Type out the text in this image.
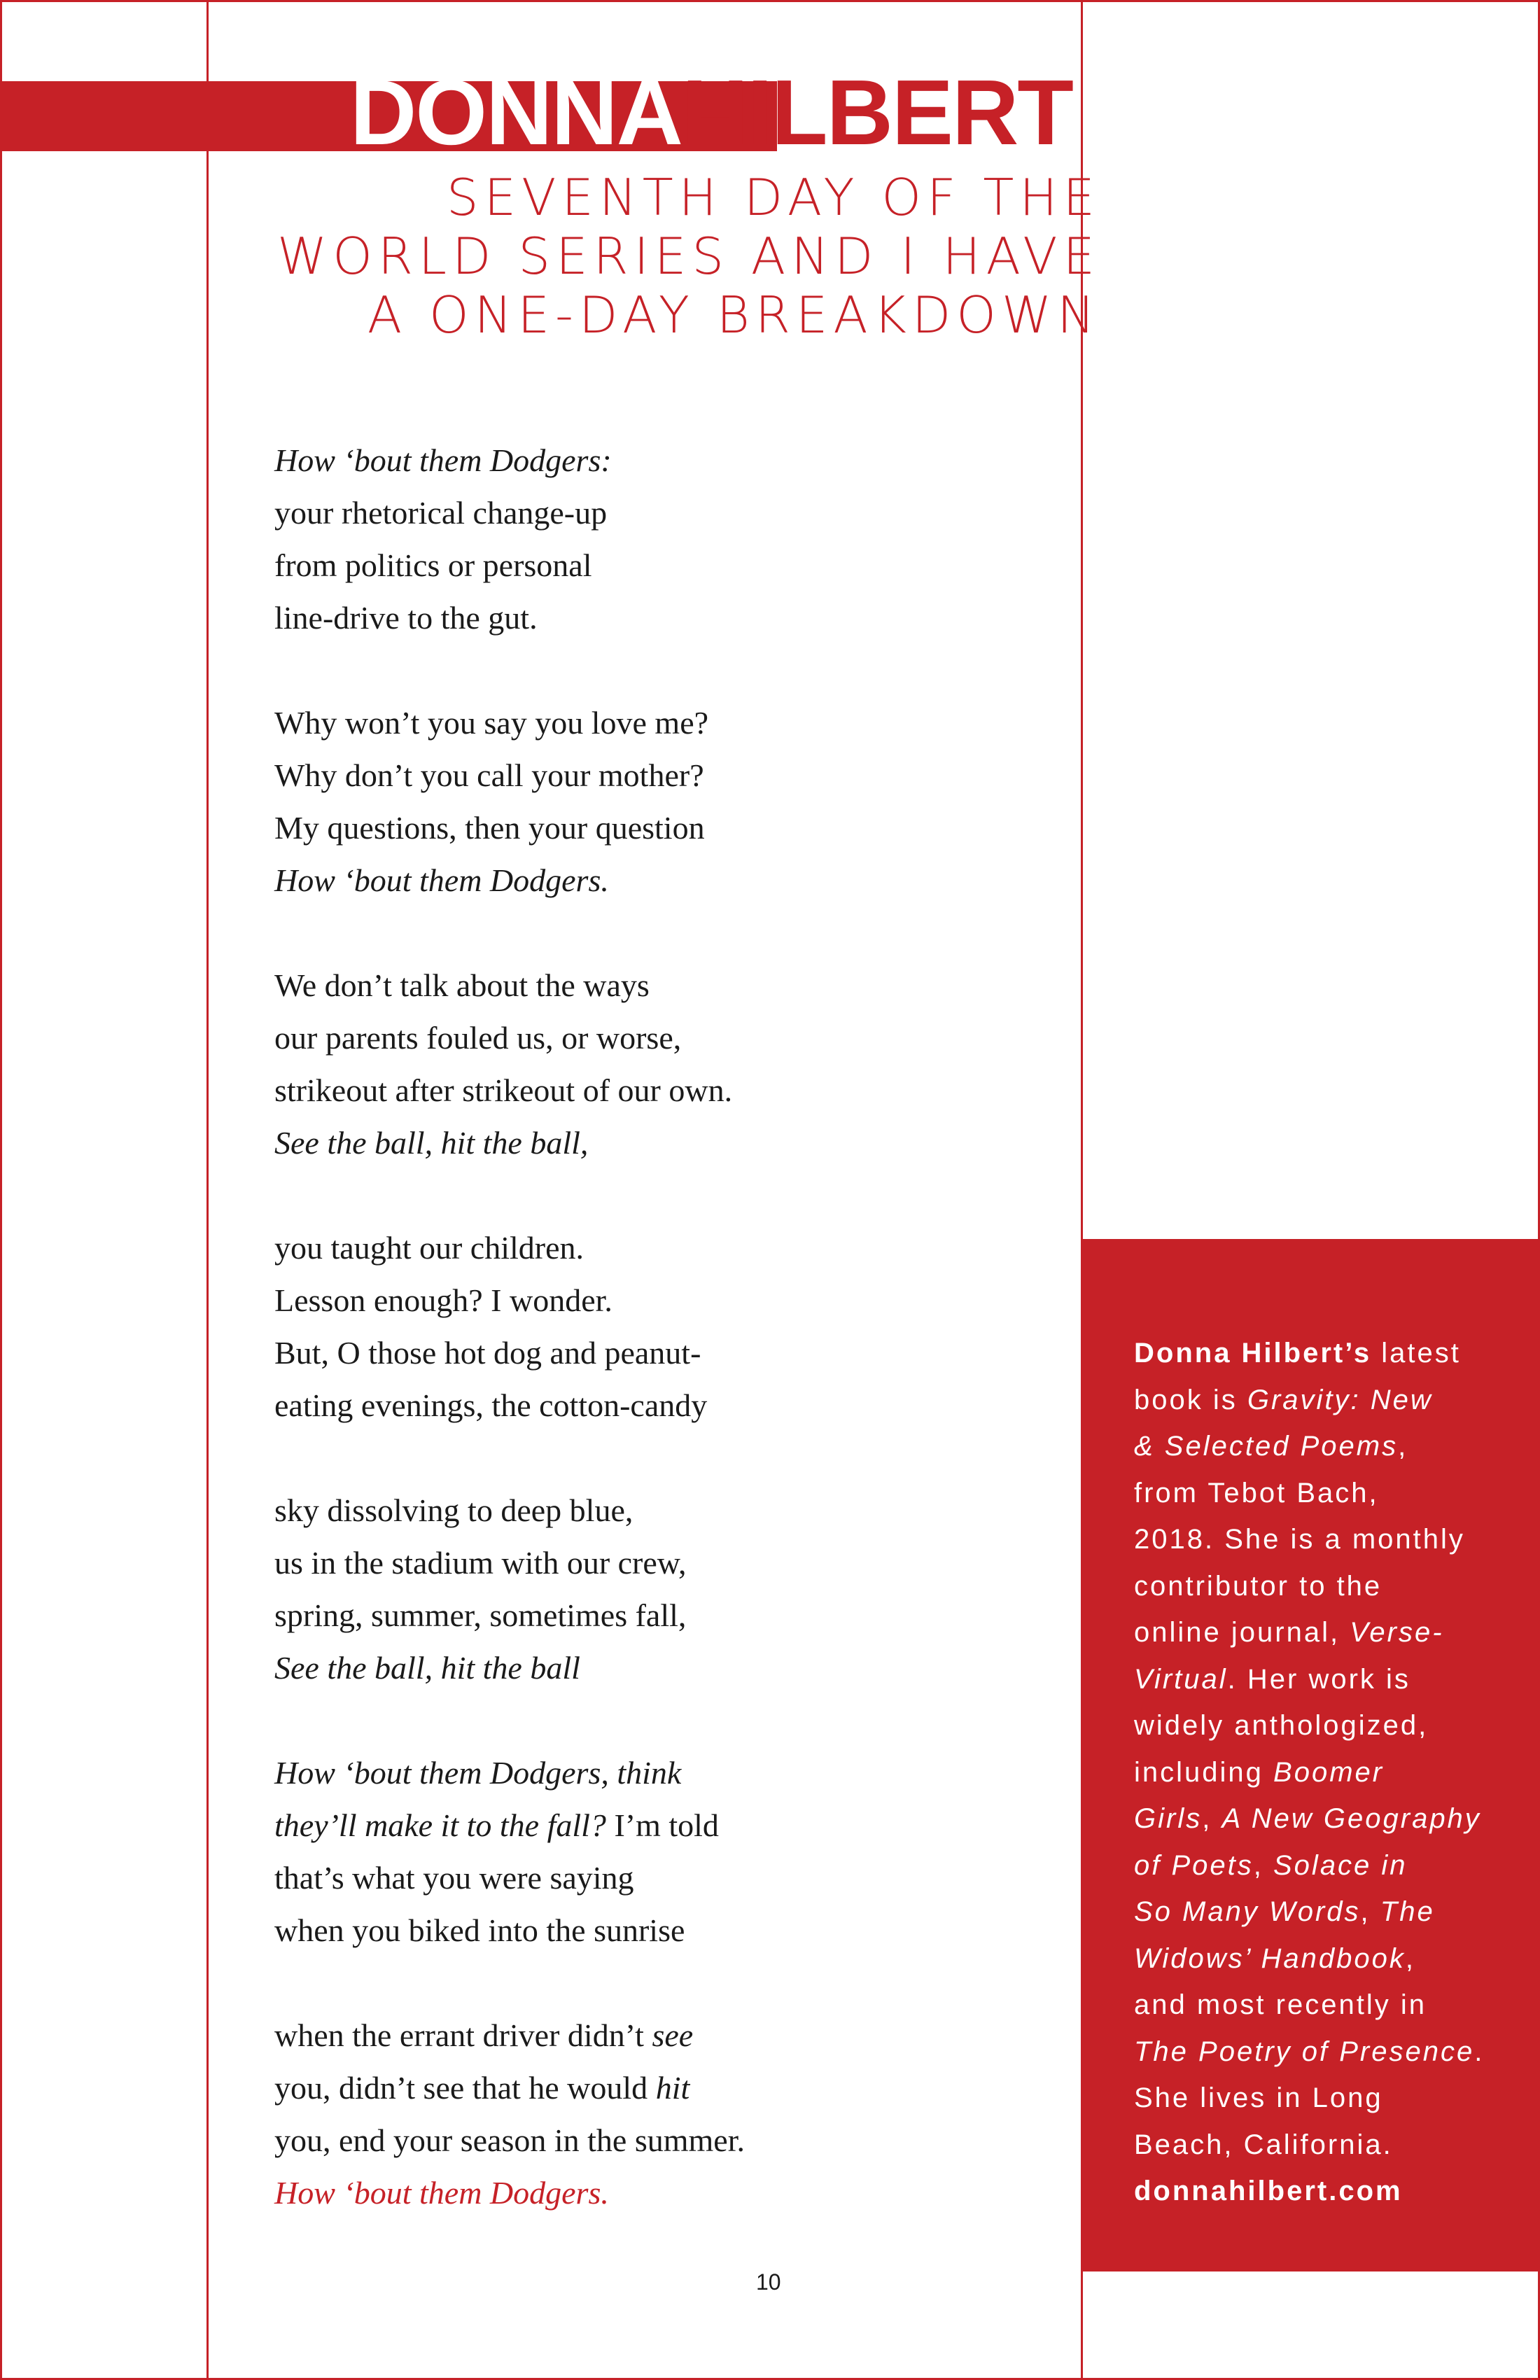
DONNAHILBERT
SEVENTH DAY OF THE
WORLD SERIES AND I HAVE
A ONE-DAY BREAKDOWN
How ‘bout them Dodgers:
your rhetorical change-up
from politics or personal
line-drive to the gut.
Why won’t you say you love me?
Why don’t you call your mother?
My questions, then your question
How ‘bout them Dodgers.
We don’t talk about the ways
our parents fouled us, or worse,
strikeout after strikeout of our own.
See the ball, hit the ball,
you taught our children.
Lesson enough? I wonder.
But, O those hot dog and peanut-
eating evenings, the cotton-candy
sky dissolving to deep blue,
us in the stadium with our crew,
spring, summer, sometimes fall,
See the ball, hit the ball
How ‘bout them Dodgers, think
they’ll make it to the fall? I’m told
that’s what you were saying
when you biked into the sunrise
when the errant driver didn’t see
you, didn’t see that he would hit
you, end your season in the summer.
How ‘bout them Dodgers.
Donna Hilbert’s latest
book is Gravity: New
& Selected Poems,
from Tebot Bach,
2018. She is a monthly
contributor to the
online journal, Verse-
Virtual. Her work is
widely anthologized,
including Boomer
Girls, A New Geography
of Poets, Solace in
So Many Words, The
Widows’ Handbook,
and most recently in
The Poetry of Presence.
She lives in Long
Beach, California.
donnahilbert.com
10
